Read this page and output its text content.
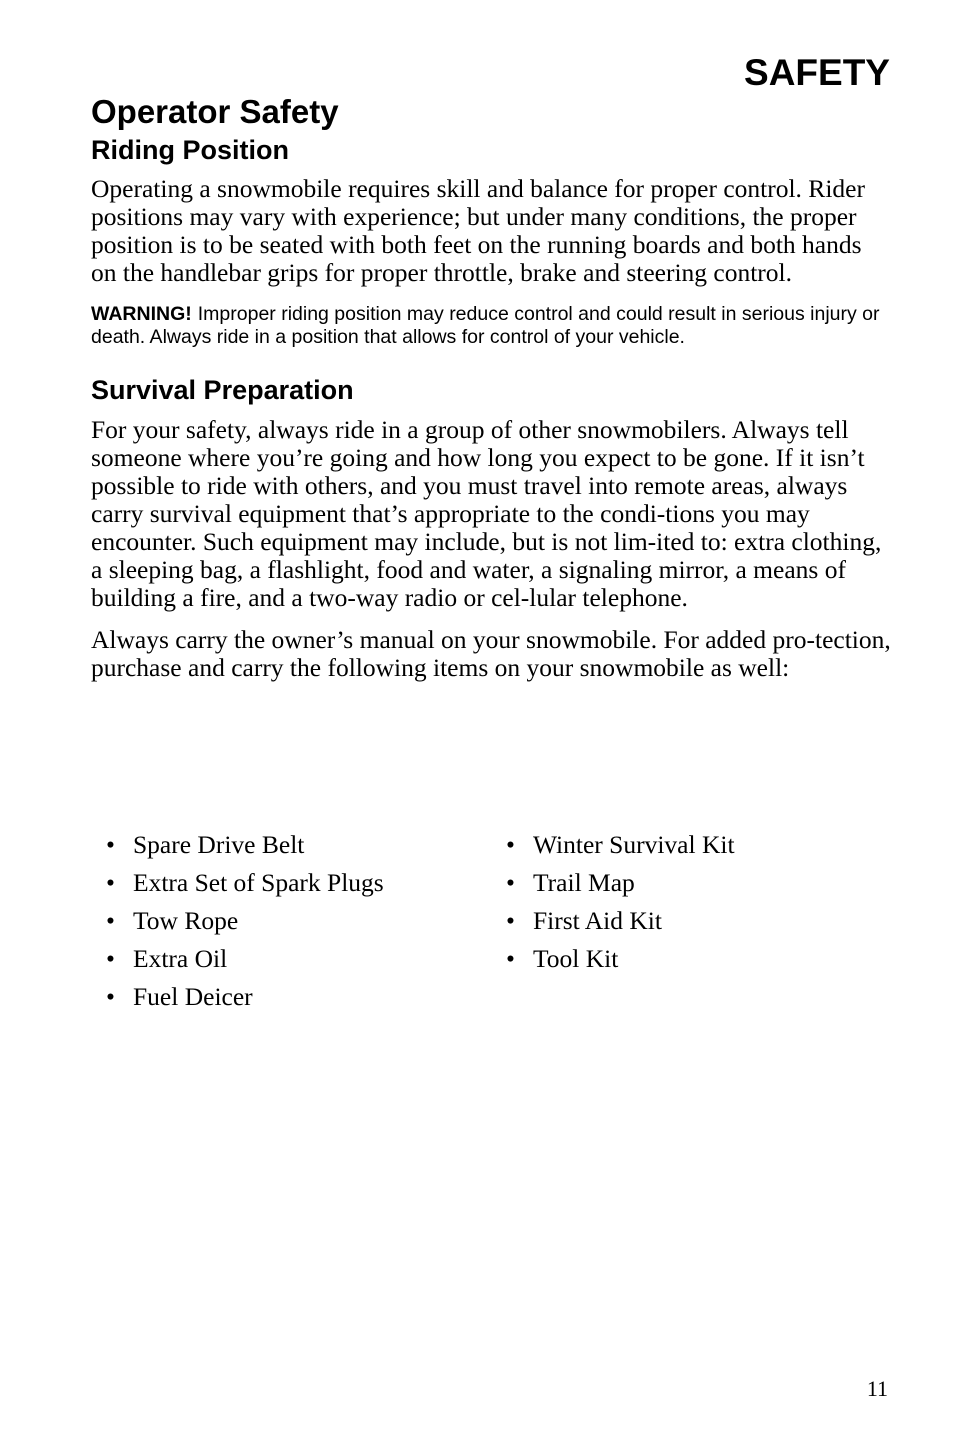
SAFETY
Operator Safety
Riding Position

Operating a snowmobile requires skill and balance for proper control. Rider positions may vary with experience; but under many conditions, the proper position is to be seated with both feet on the running boards and both hands on the handlebar grips for proper throttle, brake and steering control.

WARNING! Improper riding position may reduce control and could result in serious injury or death. Always ride in a position that allows for control of your vehicle.

Survival Preparation

For your safety, always ride in a group of other snowmobilers. Always tell someone where you’re going and how long you expect to be gone. If it isn’t possible to ride with others, and you must travel into remote areas, always carry survival equipment that’s appropriate to the condi-tions you may encounter. Such equipment may include, but is not lim-ited to: extra clothing, a sleeping bag, a flashlight, food and water, a signaling mirror, a means of building a fire, and a two-way radio or cel-lular telephone.

Always carry the owner’s manual on your snowmobile. For added pro-tection, purchase and carry the following items on your snowmobile as well:

• Spare Drive Belt
• Extra Set of Spark Plugs
• Tow Rope
• Extra Oil
• Fuel Deicer
• Winter Survival Kit
• Trail Map
• First Aid Kit
• Tool Kit
11
